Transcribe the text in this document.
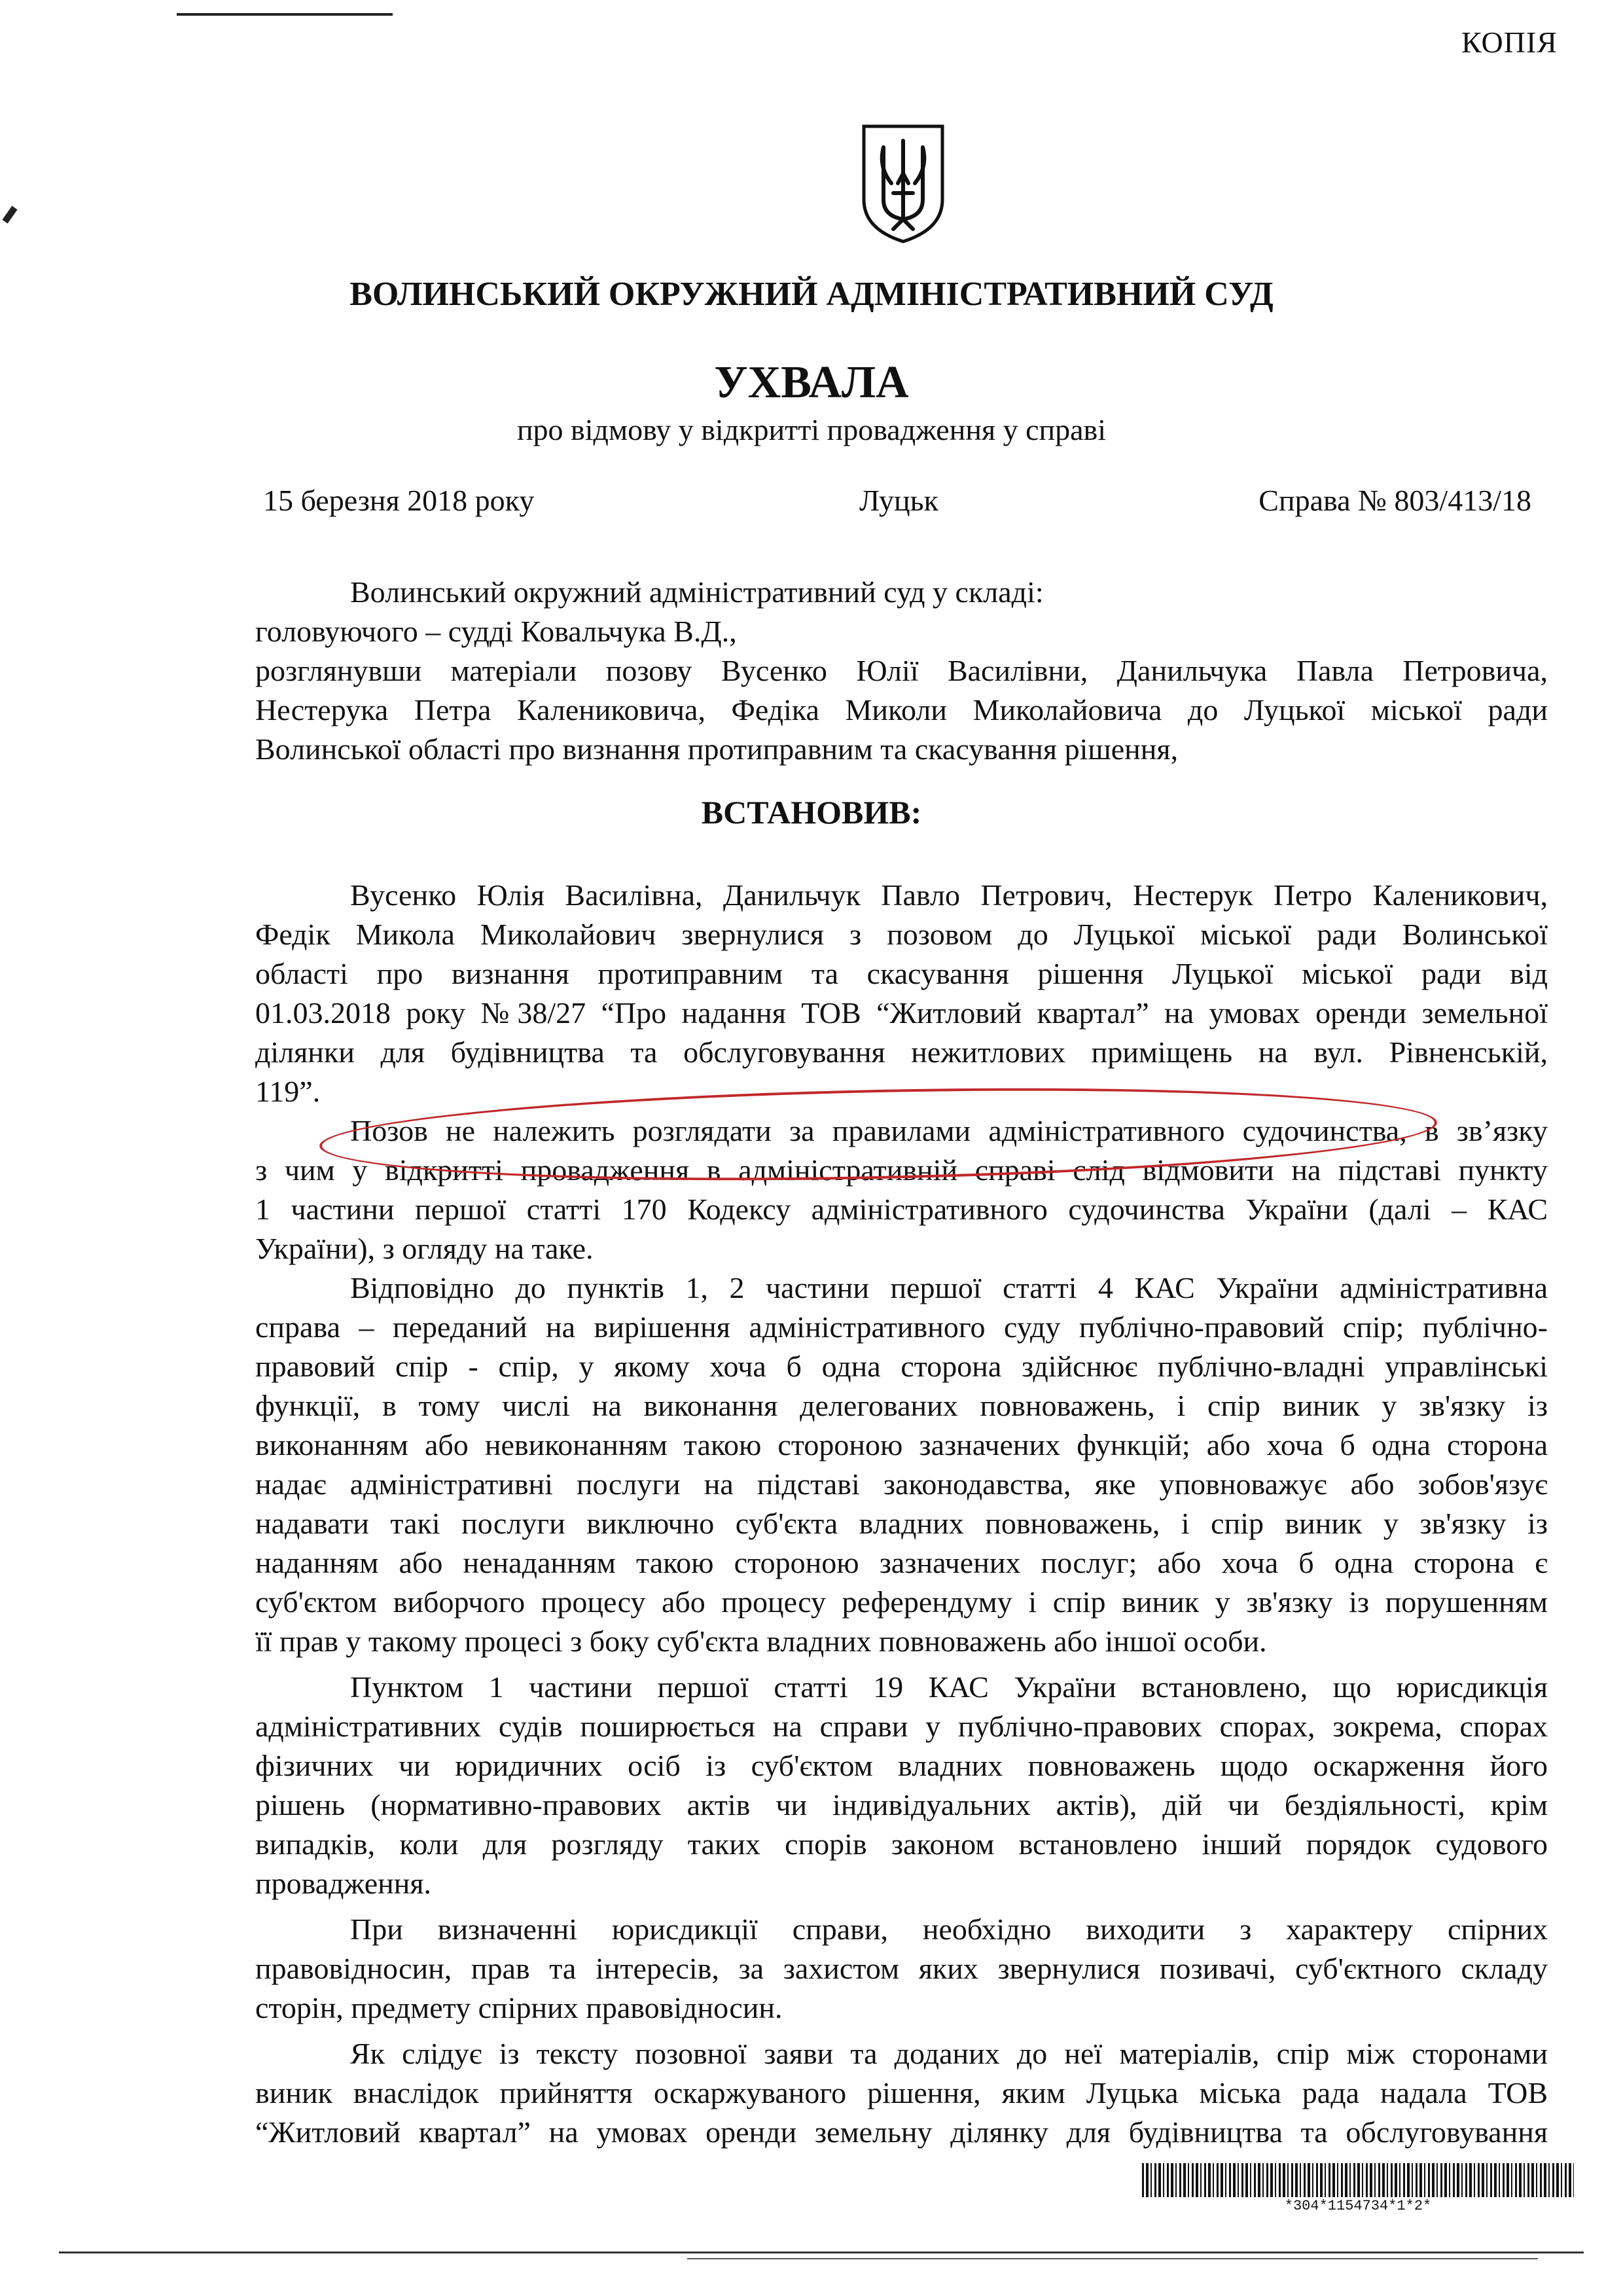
КОПІЯ
ВОЛИНСЬКИЙ ОКРУЖНИЙ АДМІНІСТРАТИВНИЙ СУД
УХВАЛА
про відмову у відкритті провадження у справі
15 березня 2018 року	Луцьк	Справа № 803/413/18
Волинський окружний адміністративний суд у складі:
головуючого – судді Ковальчука В.Д.,
розглянувши матеріали позову Вусенко Юлії Василівни, Данильчука Павла Петровича,
Нестерука Петра Калениковича, Федіка Миколи Миколайовича до Луцької міської ради
Волинської області про визнання протиправним та скасування рішення,
ВСТАНОВИВ:
Вусенко Юлія Василівна, Данильчук Павло Петрович, Нестерук Петро Каленикович,
Федік Микола Миколайович звернулися з позовом до Луцької міської ради Волинської
області про визнання протиправним та скасування рішення Луцької міської ради від
01.03.2018 року №38/27 “Про надання ТОВ “Житловий квартал” на умовах оренди земельної
ділянки для будівництва та обслуговування нежитлових приміщень на вул. Рівненській,
119”.
Позов не належить розглядати за правилами адміністративного судочинства, в зв’язку
з чим у відкритті провадження в адміністративній справі слід відмовити на підставі пункту
1 частини першої статті 170 Кодексу адміністративного судочинства України (далі – КАС
України), з огляду на таке.
Відповідно до пунктів 1, 2 частини першої статті 4 КАС України адміністративна
справа – переданий на вирішення адміністративного суду публічно-правовий спір; публічно-
правовий спір - спір, у якому хоча б одна сторона здійснює публічно-владні управлінські
функції, в тому числі на виконання делегованих повноважень, і спір виник у зв'язку із
виконанням або невиконанням такою стороною зазначених функцій; або хоча б одна сторона
надає адміністративні послуги на підставі законодавства, яке уповноважує або зобов'язує
надавати такі послуги виключно суб'єкта владних повноважень, і спір виник у зв'язку із
наданням або ненаданням такою стороною зазначених послуг; або хоча б одна сторона є
суб'єктом виборчого процесу або процесу референдуму і спір виник у зв'язку із порушенням
її прав у такому процесі з боку суб'єкта владних повноважень або іншої особи.
Пунктом 1 частини першої статті 19 КАС України встановлено, що юрисдикція
адміністративних судів поширюється на справи у публічно-правових спорах, зокрема, спорах
фізичних чи юридичних осіб із суб'єктом владних повноважень щодо оскарження його
рішень (нормативно-правових актів чи індивідуальних актів), дій чи бездіяльності, крім
випадків, коли для розгляду таких спорів законом встановлено інший порядок судового
провадження.
При визначенні юрисдикції справи, необхідно виходити з характеру спірних
правовідносин, прав та інтересів, за захистом яких звернулися позивачі, суб'єктного складу
сторін, предмету спірних правовідносин.
Як слідує із тексту позовної заяви та доданих до неї матеріалів, спір між сторонами
виник внаслідок прийняття оскаржуваного рішення, яким Луцька міська рада надала ТОВ
“Житловий квартал” на умовах оренди земельну ділянку для будівництва та обслуговування
*304*1154734*1*2*
